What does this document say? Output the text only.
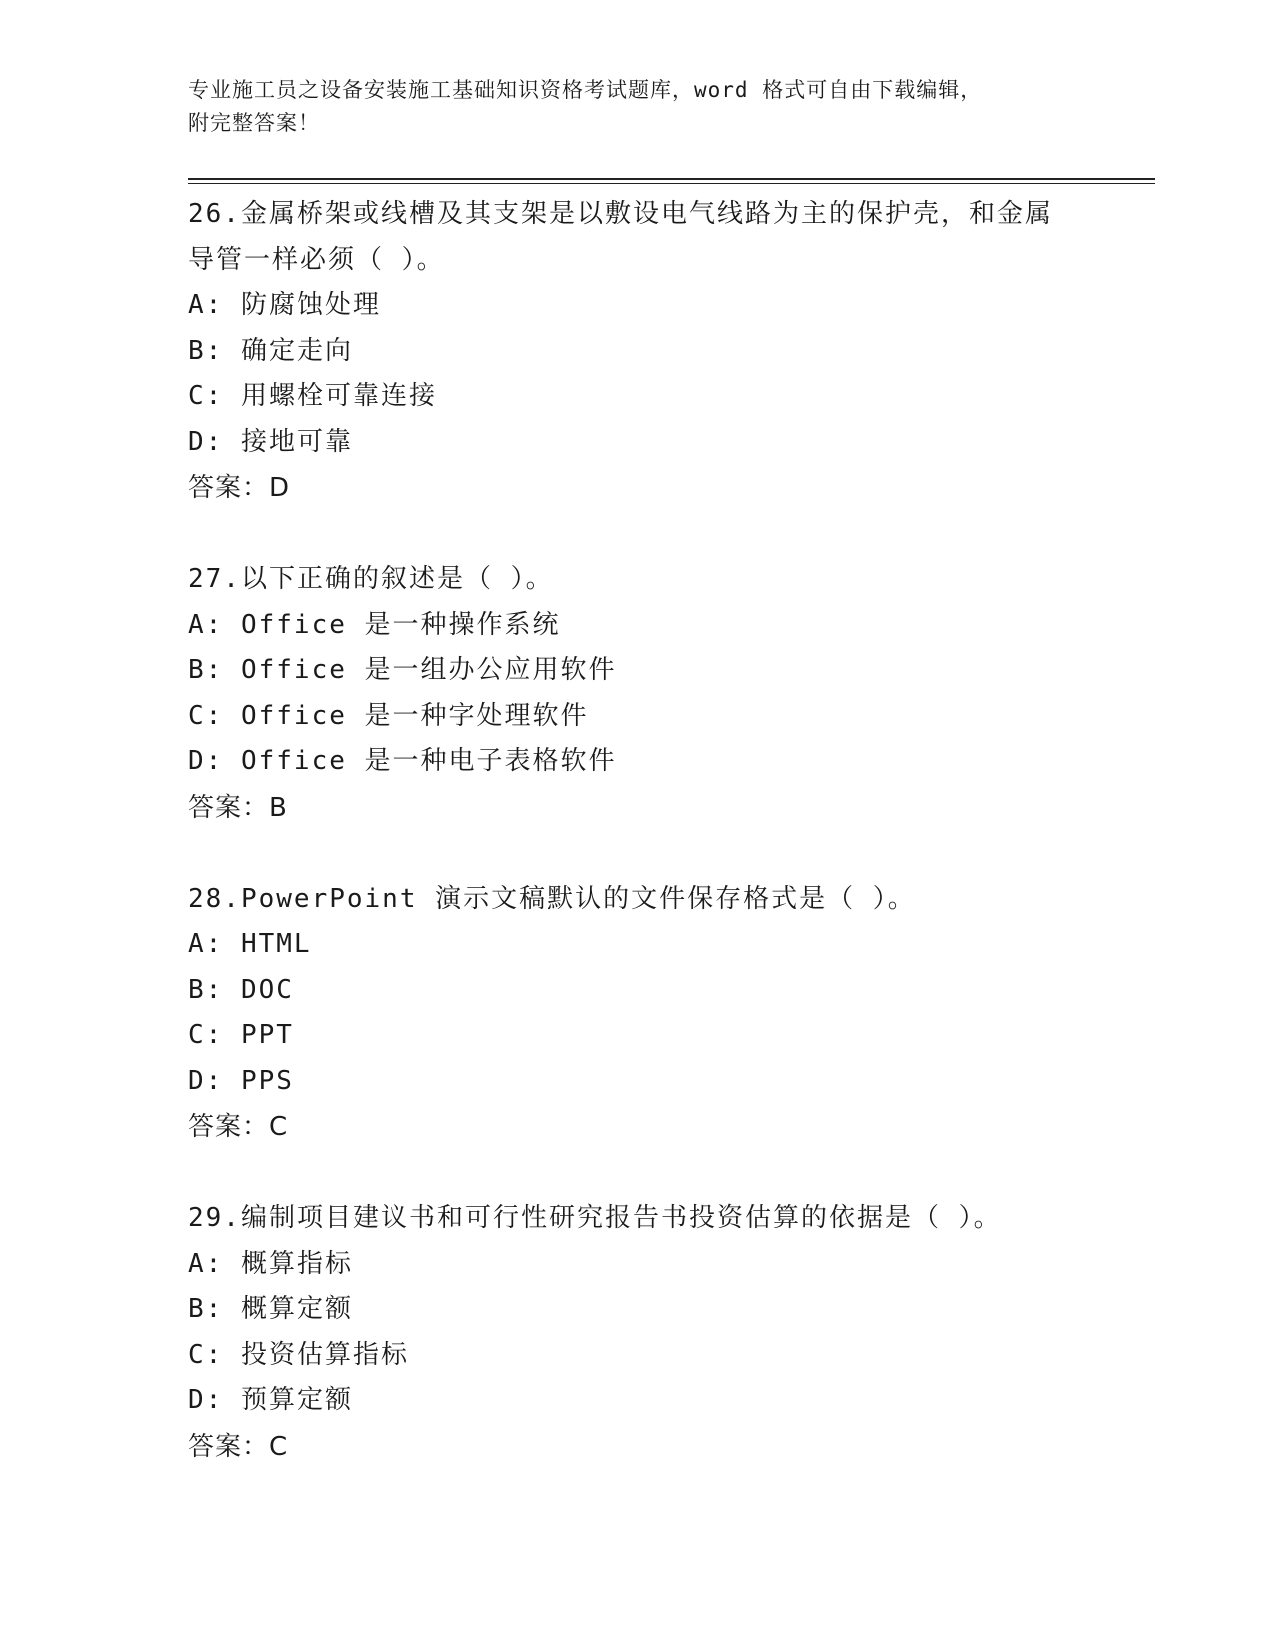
专业施工员之设备安装施工基础知识资格考试题库，word 格式可自由下载编辑，
附完整答案！
26.金属桥架或线槽及其支架是以敷设电气线路为主的保护壳，和金属
导管一样必须（ ）。
A: 防腐蚀处理
B: 确定走向
C: 用螺栓可靠连接
D: 接地可靠
答案：D
27.以下正确的叙述是（ ）。
A: Office 是一种操作系统
B: Office 是一组办公应用软件
C: Office 是一种字处理软件
D: Office 是一种电子表格软件
答案：B
28.PowerPoint 演示文稿默认的文件保存格式是（ ）。
A: HTML
B: DOC
C: PPT
D: PPS
答案：C
29.编制项目建议书和可行性研究报告书投资估算的依据是（ ）。
A: 概算指标
B: 概算定额
C: 投资估算指标
D: 预算定额
答案：C
